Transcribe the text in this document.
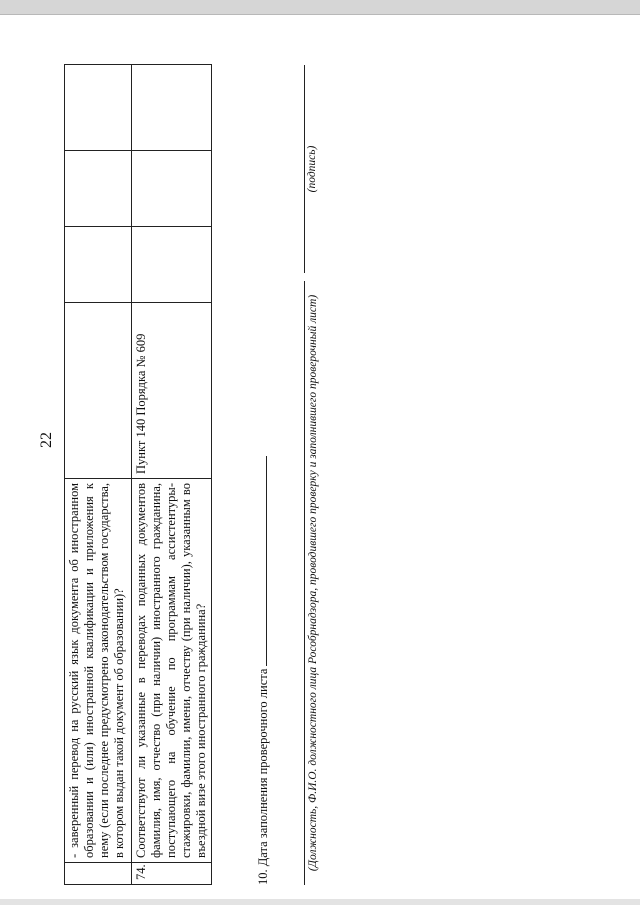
22
	- заверенный перевод на русский язык документа об иностранном образовании и (или) иностранной квалификации и приложения к нему (если последнее предусмотрено законодательством государства, в котором выдан такой документ об образовании)?				
74.	Соответствуют ли указанные в переводах поданных документов фамилия, имя, отчество (при наличии) иностранного гражданина, поступающего на обучение по программам ассистентуры-стажировки, фамилии, имени, отчеству (при наличии), указанным во въездной визе этого иностранного гражданина?	Пункт 140 Порядка № 609			
10. Дата заполнения проверочного листа	(Должность, Ф.И.О. должностного лица Рособрнадзора, проводившего проверку и заполнившего проверочный лист)
(подпись)
